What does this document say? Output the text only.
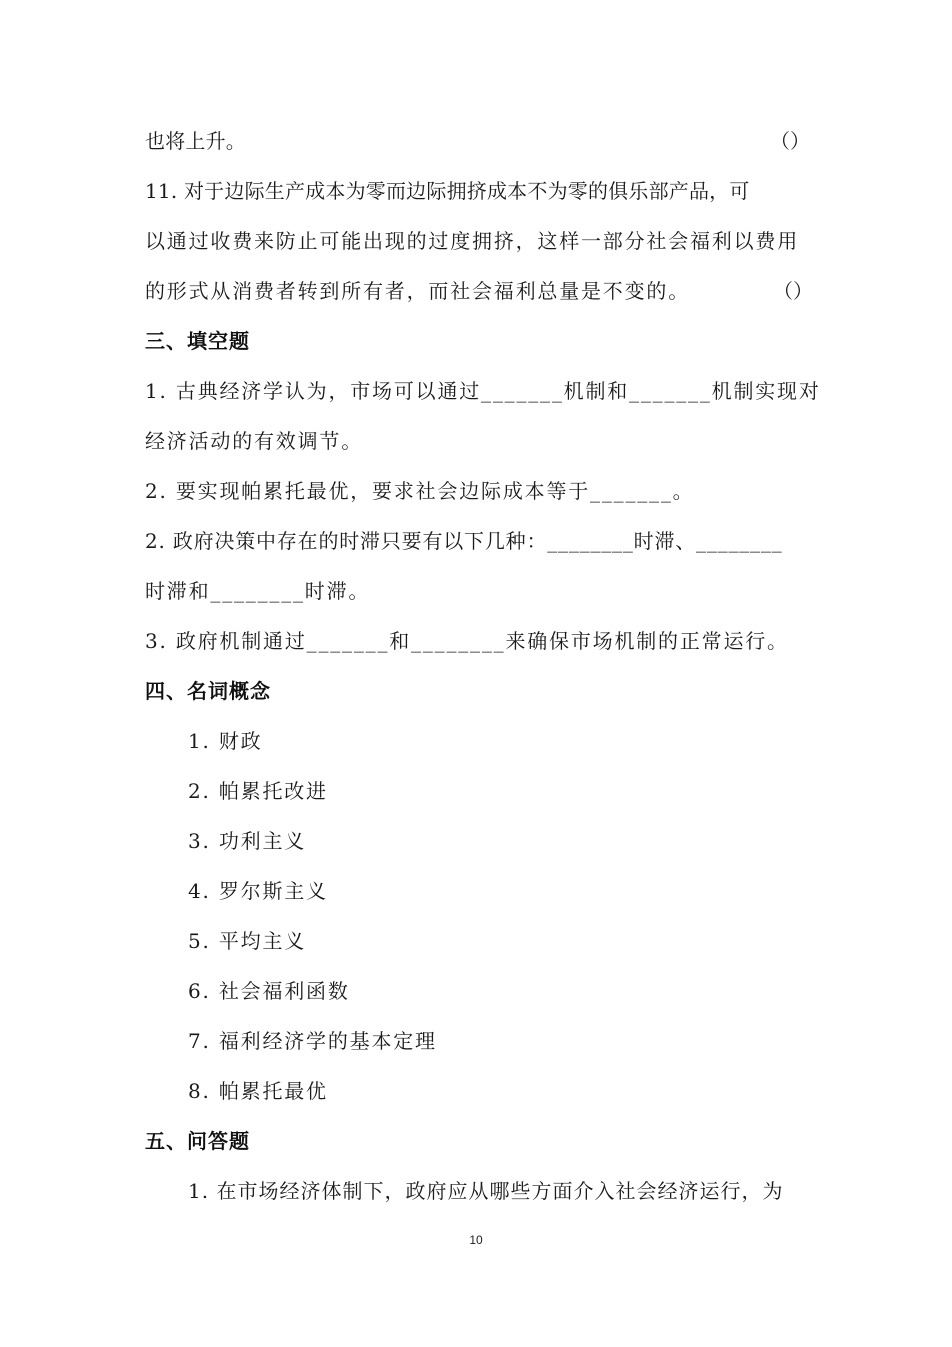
也将上升。	（）
11. 对于边际生产成本为零而边际拥挤成本不为零的俱乐部产品，可
以通过收费来防止可能出现的过度拥挤，这样一部分社会福利以费用
的形式从消费者转到所有者，而社会福利总量是不变的。	（）
三、填空题
1. 古典经济学认为，市场可以通过_______机制和_______机制实现对
经济活动的有效调节。
2. 要实现帕累托最优，要求社会边际成本等于_______。
2. 政府决策中存在的时滞只要有以下几种：________时滞、________
时滞和________时滞。
3. 政府机制通过_______和________来确保市场机制的正常运行。
四、名词概念
1. 财政
2. 帕累托改进
3. 功利主义
4. 罗尔斯主义
5. 平均主义
6. 社会福利函数
7. 福利经济学的基本定理
8. 帕累托最优
五、问答题
1. 在市场经济体制下，政府应从哪些方面介入社会经济运行，为
10
